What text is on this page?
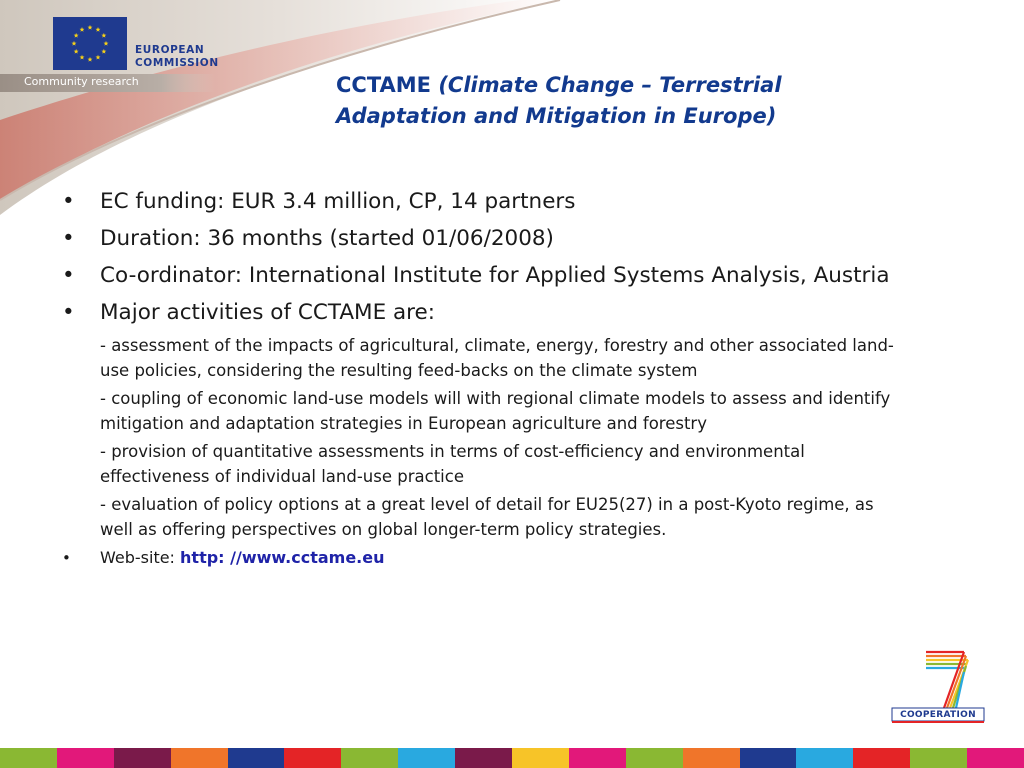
EUROPEAN
COMMISSION
Community research	CCTAME (Climate Change – Terrestrial
Adaptation and Mitigation in Europe)
• EC funding: EUR 3.4 million, CP, 14 partners
• Duration: 36 months (started 01/06/2008)
• Co-ordinator: International Institute for Applied Systems Analysis, Austria
• Major activities of CCTAME are:
- assessment of the impacts of agricultural, climate, energy, forestry and other associated land-use policies, considering the resulting feed-backs on the climate system
- coupling of economic land-use models will with regional climate models to assess and identify mitigation and adaptation strategies in European agriculture and forestry
- provision of quantitative assessments in terms of cost-efficiency and environmental effectiveness of individual land-use practice
- evaluation of policy options at a great level of detail for EU25(27) in a post-Kyoto regime, as well as offering perspectives on global longer-term policy strategies.
• Web-site: http: //www.cctame.eu
COOPERATION
